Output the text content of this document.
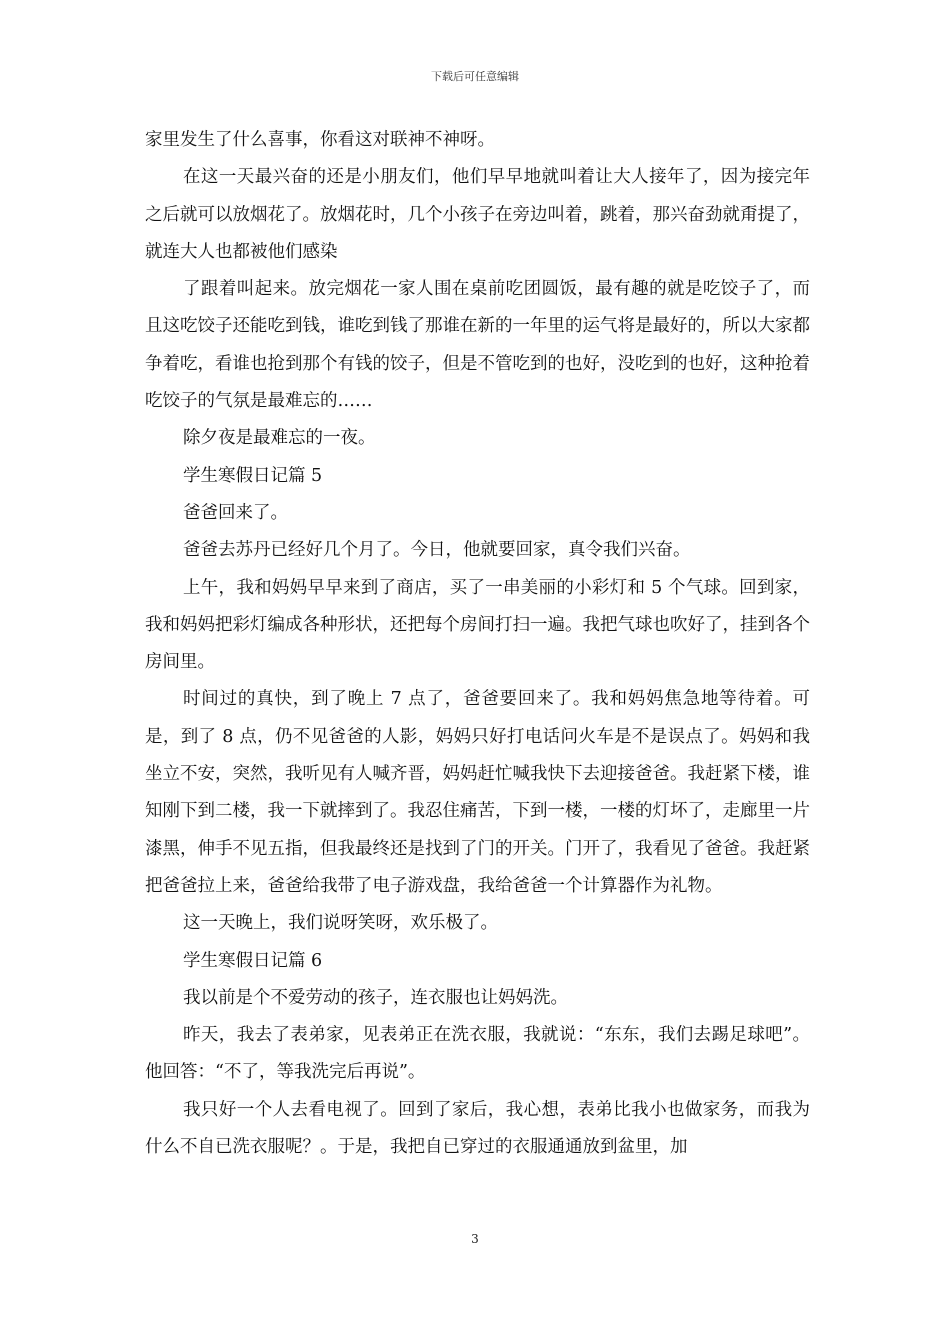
下载后可任意编辑

家里发生了什么喜事，你看这对联神不神呀。

在这一天最兴奋的还是小朋友们，他们早早地就叫着让大人接年了，因为接完年之后就可以放烟花了。放烟花时，几个小孩子在旁边叫着，跳着，那兴奋劲就甭提了，就连大人也都被他们感染

了跟着叫起来。放完烟花一家人围在桌前吃团圆饭，最有趣的就是吃饺子了，而且这吃饺子还能吃到钱，谁吃到钱了那谁在新的一年里的运气将是最好的，所以大家都争着吃，看谁也抢到那个有钱的饺子，但是不管吃到的也好，没吃到的也好，这种抢着吃饺子的气氛是最难忘的……

除夕夜是最难忘的一夜。

学生寒假日记篇 5

爸爸回来了。

爸爸去苏丹已经好几个月了。今日，他就要回家，真令我们兴奋。

上午，我和妈妈早早来到了商店，买了一串美丽的小彩灯和 5 个气球。回到家，我和妈妈把彩灯编成各种形状，还把每个房间打扫一遍。我把气球也吹好了，挂到各个房间里。

时间过的真快，到了晚上 7 点了，爸爸要回来了。我和妈妈焦急地等待着。可是，到了 8 点，仍不见爸爸的人影，妈妈只好打电话问火车是不是误点了。妈妈和我坐立不安，突然，我听见有人喊齐晋，妈妈赶忙喊我快下去迎接爸爸。我赶紧下楼，谁知刚下到二楼，我一下就摔到了。我忍住痛苦，下到一楼，一楼的灯坏了，走廊里一片漆黑，伸手不见五指，但我最终还是找到了门的开关。门开了，我看见了爸爸。我赶紧把爸爸拉上来，爸爸给我带了电子游戏盘，我给爸爸一个计算器作为礼物。

这一天晚上，我们说呀笑呀，欢乐极了。

学生寒假日记篇 6

我以前是个不爱劳动的孩子，连衣服也让妈妈洗。

昨天，我去了表弟家，见表弟正在洗衣服，我就说：“东东，我们去踢足球吧”。他回答：“不了，等我洗完后再说”。

我只好一个人去看电视了。回到了家后，我心想，表弟比我小也做家务，而我为什么不自已洗衣服呢？。于是，我把自已穿过的衣服通通放到盆里，加

3
